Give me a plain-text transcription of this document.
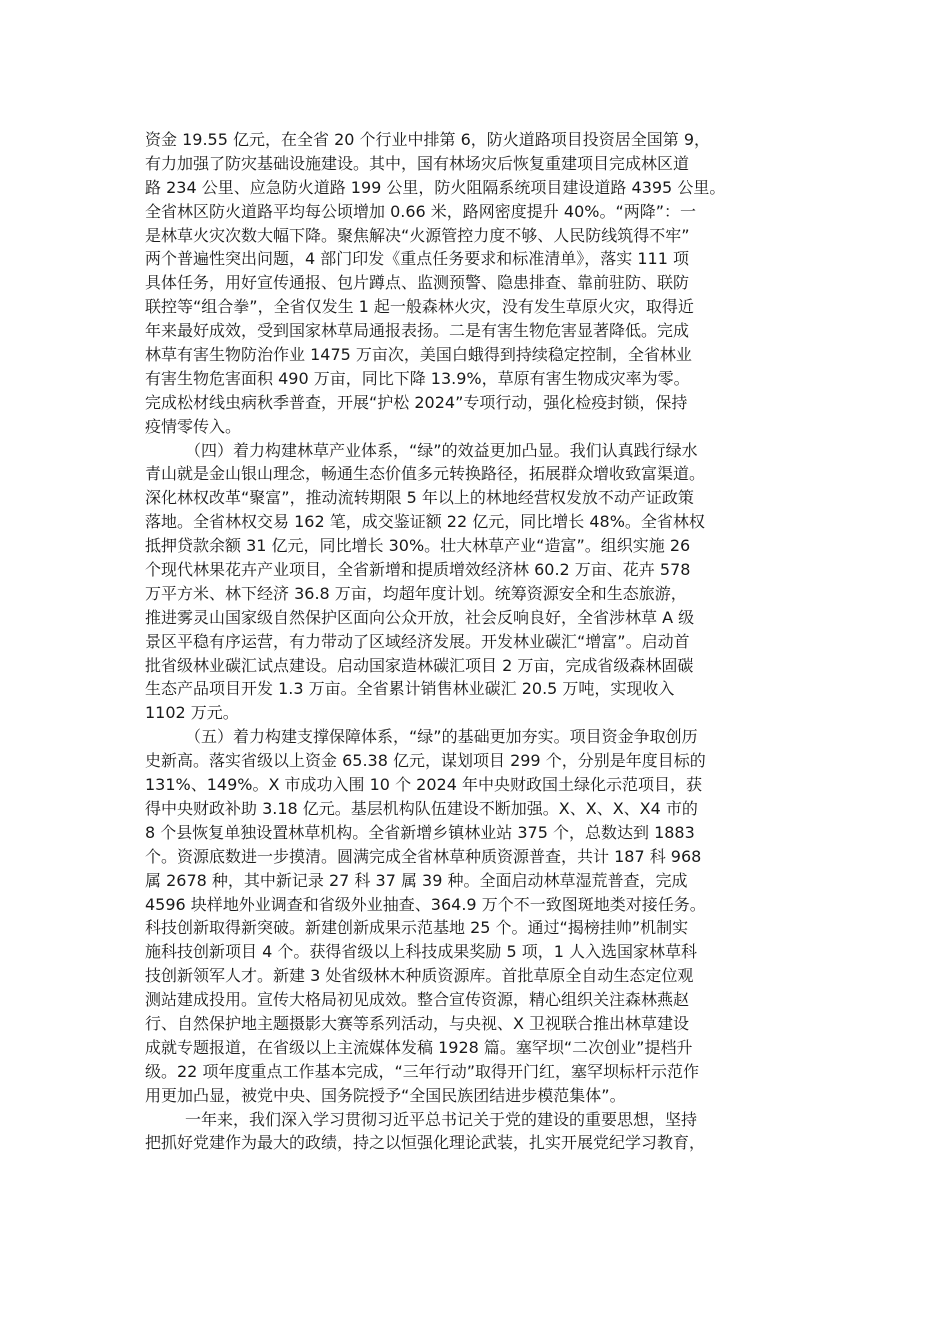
资金 19.55 亿元，在全省 20 个行业中排第 6，防火道路项目投资居全国第 9，
有力加强了防灾基础设施建设。其中，国有林场灾后恢复重建项目完成林区道
路 234 公里、应急防火道路 199 公里，防火阻隔系统项目建设道路 4395 公里。
全省林区防火道路平均每公顷增加 0.66 米，路网密度提升 40%。“两降”：一
是林草火灾次数大幅下降。聚焦解决“火源管控力度不够、人民防线筑得不牢”
两个普遍性突出问题，4 部门印发《重点任务要求和标准清单》，落实 111 项
具体任务，用好宣传通报、包片蹲点、监测预警、隐患排查、靠前驻防、联防
联控等“组合拳”，全省仅发生 1 起一般森林火灾，没有发生草原火灾，取得近
年来最好成效，受到国家林草局通报表扬。二是有害生物危害显著降低。完成
林草有害生物防治作业 1475 万亩次，美国白蛾得到持续稳定控制，全省林业
有害生物危害面积 490 万亩，同比下降 13.9%，草原有害生物成灾率为零。
完成松材线虫病秋季普查，开展“护松 2024”专项行动，强化检疫封锁，保持
疫情零传入。
（四）着力构建林草产业体系，“绿”的效益更加凸显。我们认真践行绿水
青山就是金山银山理念，畅通生态价值多元转换路径，拓展群众增收致富渠道。
深化林权改革“聚富”，推动流转期限 5 年以上的林地经营权发放不动产证政策
落地。全省林权交易 162 笔，成交鉴证额 22 亿元，同比增长 48%。全省林权
抵押贷款余额 31 亿元，同比增长 30%。壮大林草产业“造富”。组织实施 26
个现代林果花卉产业项目，全省新增和提质增效经济林 60.2 万亩、花卉 578
万平方米、林下经济 36.8 万亩，均超年度计划。统筹资源安全和生态旅游，
推进雾灵山国家级自然保护区面向公众开放，社会反响良好，全省涉林草 A 级
景区平稳有序运营，有力带动了区域经济发展。开发林业碳汇“增富”。启动首
批省级林业碳汇试点建设。启动国家造林碳汇项目 2 万亩，完成省级森林固碳
生态产品项目开发 1.3 万亩。全省累计销售林业碳汇 20.5 万吨，实现收入
1102 万元。
（五）着力构建支撑保障体系，“绿”的基础更加夯实。项目资金争取创历
史新高。落实省级以上资金 65.38 亿元，谋划项目 299 个，分别是年度目标的
131%、149%。X 市成功入围 10 个 2024 年中央财政国土绿化示范项目，获
得中央财政补助 3.18 亿元。基层机构队伍建设不断加强。X、X、X、X4 市的
8 个县恢复单独设置林草机构。全省新增乡镇林业站 375 个，总数达到 1883
个。资源底数进一步摸清。圆满完成全省林草种质资源普查，共计 187 科 968
属 2678 种，其中新记录 27 科 37 属 39 种。全面启动林草湿荒普查，完成
4596 块样地外业调查和省级外业抽查、364.9 万个不一致图斑地类对接任务。
科技创新取得新突破。新建创新成果示范基地 25 个。通过“揭榜挂帅”机制实
施科技创新项目 4 个。获得省级以上科技成果奖励 5 项，1 人入选国家林草科
技创新领军人才。新建 3 处省级林木种质资源库。首批草原全自动生态定位观
测站建成投用。宣传大格局初见成效。整合宣传资源，精心组织关注森林燕赵
行、自然保护地主题摄影大赛等系列活动，与央视、X 卫视联合推出林草建设
成就专题报道，在省级以上主流媒体发稿 1928 篇。塞罕坝“二次创业”提档升
级。22 项年度重点工作基本完成，“三年行动”取得开门红，塞罕坝标杆示范作
用更加凸显，被党中央、国务院授予“全国民族团结进步模范集体”。
一年来，我们深入学习贯彻习近平总书记关于党的建设的重要思想，坚持
把抓好党建作为最大的政绩，持之以恒强化理论武装，扎实开展党纪学习教育，
